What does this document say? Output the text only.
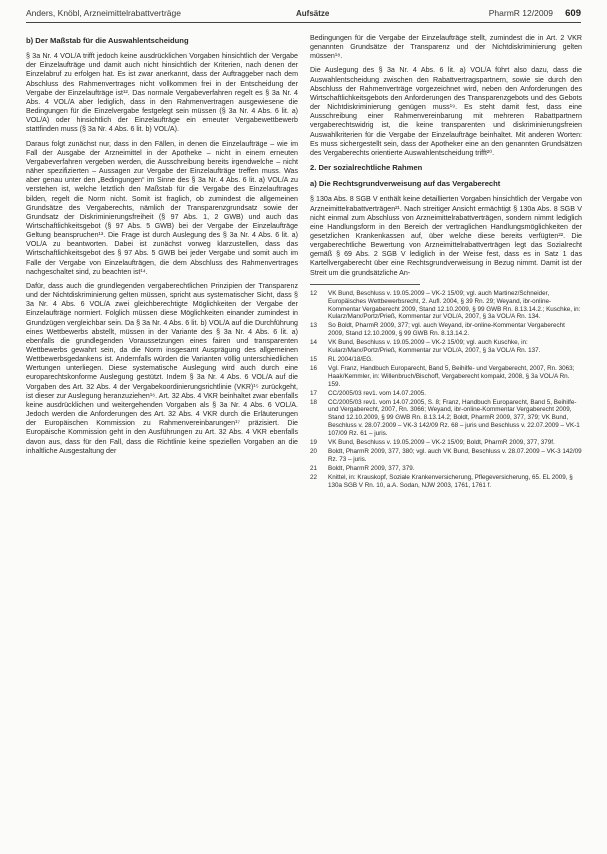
Anders, Knöbl, Arzneimittelrabattverträge	Aufsätze	PharmR 12/2009 609
b) Der Maßstab für die Auswahlentscheidung

§ 3a Nr. 4 VOL/A trifft jedoch keine ausdrücklichen Vorgaben hinsichtlich der Vergabe der Einzelaufträge und damit auch nicht hinsichtlich der Kriterien, nach denen der Einzelabruf zu erfolgen hat. Es ist zwar anerkannt, dass der Auftraggeber nach dem Abschluss des Rahmenvertrages nicht vollkommen frei in der Entscheidung der Vergabe der Einzelaufträge ist¹². Das normale Vergabeverfahren regelt es § 3a Nr. 4 Abs. 4 VOL/A aber lediglich, dass in den Rahmenvertragen ausgewiesene die Bedingungen für die Einzelvergabe festgelegt sein müssen (§ 3a Nr. 4 Abs. 6 lit. a) VOL/A) oder hinsichtlich der Einzelaufträge ein erneuter Vergabewettbewerb stattfinden muss (§ 3a Nr. 4 Abs. 6 lit. b) VOL/A).

Daraus folgt zunächst nur, dass in den Fällen, in denen die Einzelaufträge – wie im Fall der Ausgabe der Arzneimittel in der Apotheke – nicht in einem erneuten Vergabeverfahren vergeben werden, die Ausschreibung bereits irgendwelche – nicht näher spezifizierten – Aussagen zur Vergabe der Einzelaufträge treffen muss. Was aber genau unter den „Bedingungen“ im Sinne des § 3a Nr. 4 Abs. 6 lit. a) VOL/A zu verstehen ist, welche letztlich den Maßstab für die Vergabe des Einzelauftrages bilden, regelt die Norm nicht. Somit ist fraglich, ob zumindest die allgemeinen Grundsätze des Vergaberechts, nämlich der Transparenzgrundsatz sowie der Grundsatz der Diskriminierungsfreiheit (§ 97 Abs. 1, 2 GWB) und auch das Wirtschaftlichkeitsgebot (§ 97 Abs. 5 GWB) bei der Vergabe der Einzelaufträge Geltung beanspruchen¹³. Die Frage ist durch Auslegung des § 3a Nr. 4 Abs. 6 lit. a) VOL/A zu beantworten. Dabei ist zunächst vorweg klarzustellen, dass das Wirtschaftlichkeitsgebot des § 97 Abs. 5 GWB bei jeder Vergabe und somit auch im Falle der Vergabe von Einzelaufträgen, die dem Abschluss des Rahmenvertrages nachgeschaltet sind, zu beachten ist¹⁴.

Dafür, dass auch die grundlegenden vergaberechtlichen Prinzipien der Transparenz und der Nichtdiskriminierung gelten müssen, spricht aus systematischer Sicht, dass § 3a Nr. 4 Abs. 6 VOL/A zwei gleichberechtigte Möglichkeiten der Vergabe der Einzelaufträge normiert. Folglich müssen diese Möglichkeiten einander zumindest in Grundzügen vergleichbar sein. Da § 3a Nr. 4 Abs. 6 lit. b) VOL/A auf die Durchführung eines Wettbewerbs abstellt, müssen in der Variante des § 3a Nr. 4 Abs. 6 lit. a) ebenfalls die grundlegenden Voraussetzungen eines fairen und transparenten Wettbewerbs gewahrt sein, da die Norm insgesamt Ausprägung des allgemeinen Wettbewerbsgedankens ist. Andernfalls würden die Varianten völlig unterschiedlichen Wertungen unterliegen. Diese systematische Auslegung wird auch durch eine europarechtskonforme Auslegung gestützt. Indem § 3a Nr. 4 Abs. 6 VOL/A auf die Vorgaben des Art. 32 Abs. 4 der Vergabekoordinierungsrichtlinie (VKR)¹⁵ zurückgeht, ist dieser zur Auslegung heranzuziehen¹⁶. Art. 32 Abs. 4 VKR beinhaltet zwar ebenfalls keine ausdrücklichen und weitergehenden Vorgaben als § 3a Nr. 4 Abs. 6 VOL/A. Jedoch werden die Anforderungen des Art. 32 Abs. 4 VKR durch die Erläuterungen der Europäischen Kommission zu Rahmenvereinbarungen¹⁷ präzisiert. Die Europäische Kommission geht in den Ausführungen zu Art. 32 Abs. 4 VKR ebenfalls davon aus, dass für den Fall, dass die Richtlinie keine speziellen Vorgaben an die inhaltliche Ausgestaltung der

Bedingungen für die Vergabe der Einzelaufträge stellt, zumindest die in Art. 2 VKR genannten Grundsätze der Transparenz und der Nichtdiskriminierung gelten müssen¹⁸.

Die Auslegung des § 3a Nr. 4 Abs. 6 lit. a) VOL/A führt also dazu, dass die Auswahlentscheidung zwischen den Rabattvertragspartnern, sowie sie durch den Abschluss der Rahmenverträge vorgezeichnet wird, neben den Anforderungen des Wirtschaftlichkeitsgebots den Anforderungen des Transparenzgebots und des Gebots der Nichtdiskriminierung genügen muss¹⁹. Es steht damit fest, dass eine Ausschreibung einer Rahmenvereinbarung mit mehreren Rabattpartnern vergaberechtswidrig ist, die keine transparenten und diskriminierungsfreien Auswahlkriterien für die Vergabe der Einzelaufträge beinhaltet. Mit anderen Worten: Es muss sichergestellt sein, dass der Apotheker eine an den genannten Grundsätzen des Vergaberechts orientierte Auswahlentscheidung trifft²⁰.

2. Der sozialrechtliche Rahmen
a) Die Rechtsgrundverweisung auf das Vergaberecht

§ 130a Abs. 8 SGB V enthält keine detaillierten Vorgaben hinsichtlich der Vergabe von Arzneimittelrabattverträgen²¹. Nach streitiger Ansicht ermächtigt § 130a Abs. 8 SGB V nicht einmal zum Abschluss von Arzneimittelrabattverträgen, sondern nimmt lediglich eine Handlungsform in den Bereich der vertraglichen Handlungsmöglichkeiten der gesetzlichen Krankenkassen auf, über welche diese bereits verfügten²². Die vergaberechtliche Bewertung von Arzneimittelrabattverträgen legt das Sozialrecht gemäß § 69 Abs. 2 SGB V lediglich in der Weise fest, dass es in Satz 1 das Kartellvergaberecht über eine Rechtsgrundverweisung in Bezug nimmt. Damit ist der Streit um die grundsätzliche An-

12	VK Bund, Beschluss v. 19.05.2009 – VK-2 15/09; vgl. auch Martinez/Schneider, Europäisches Wettbewerbsrecht, 2. Aufl. 2004, § 39 Rn. 29; Weyand, ibr-online-Kommentar Vergaberecht 2009, Stand 12.10.2009, § 99 GWB Rn. 8.13.14.2.; Kuschke, in: Kularz/Marx/Portz/Prieß, Kommentar zur VOL/A, 2007, § 3a VOL/A Rn. 134.
13	So Boldt, PharmR 2009, 377; vgl. auch Weyand, ibr-online-Kommentar Vergaberecht 2009, Stand 12.10.2009, § 99 GWB Rn. 8.13.14.2.
14	VK Bund, Beschluss v. 19.05.2009 – VK-2 15/09; vgl. auch Kuschke, in: Kularz/Marx/Portz/Prieß, Kommentar zur VOL/A, 2007, § 3a VOL/A Rn. 137.
15	RL 2004/18/EG.
16	Vgl. Franz, Handbuch Europarecht, Band 5, Beihilfe- und Vergaberecht, 2007, Rn. 3063; Haak/Kemmler, in: Willenbruch/Bischoff, Vergaberecht kompakt, 2008, § 3a VOL/A Rn. 159.
17	CC/2005/03 rev1. vom 14.07.2005.
18	CC/2005/03 rev1. vom 14.07.2005, S. 8; Franz, Handbuch Europarecht, Band 5, Beihilfe- und Vergaberecht, 2007, Rn. 3066; Weyand, ibr-online-Kommentar Vergaberecht 2009, Stand 12.10.2009, § 99 GWB Rn. 8.13.14.2; Boldt, PharmR 2009, 377, 379; VK Bund, Beschluss v. 28.07.2009 – VK-3 142/09 Rz. 68 – juris und Beschluss v. 22.07.2009 – VK-1 107/09 Rz. 61 – juris.
19	VK Bund, Beschluss v. 19.05.2009 – VK-2 15/09; Boldt, PharmR 2009, 377, 379f.
20	Boldt, PharmR 2009, 377, 380; vgl. auch VK Bund, Beschluss v. 28.07.2009 – VK-3 142/09 Rz. 73 – juris.
21	Boldt, PharmR 2009, 377, 379.
22	Knittel, in: Krauskopf, Soziale Krankenversicherung, Pflegeversicherung, 65. EL 2009, § 130a SGB V Rn. 10, a.A. Sodan, NJW 2003, 1761, 1761 f.
